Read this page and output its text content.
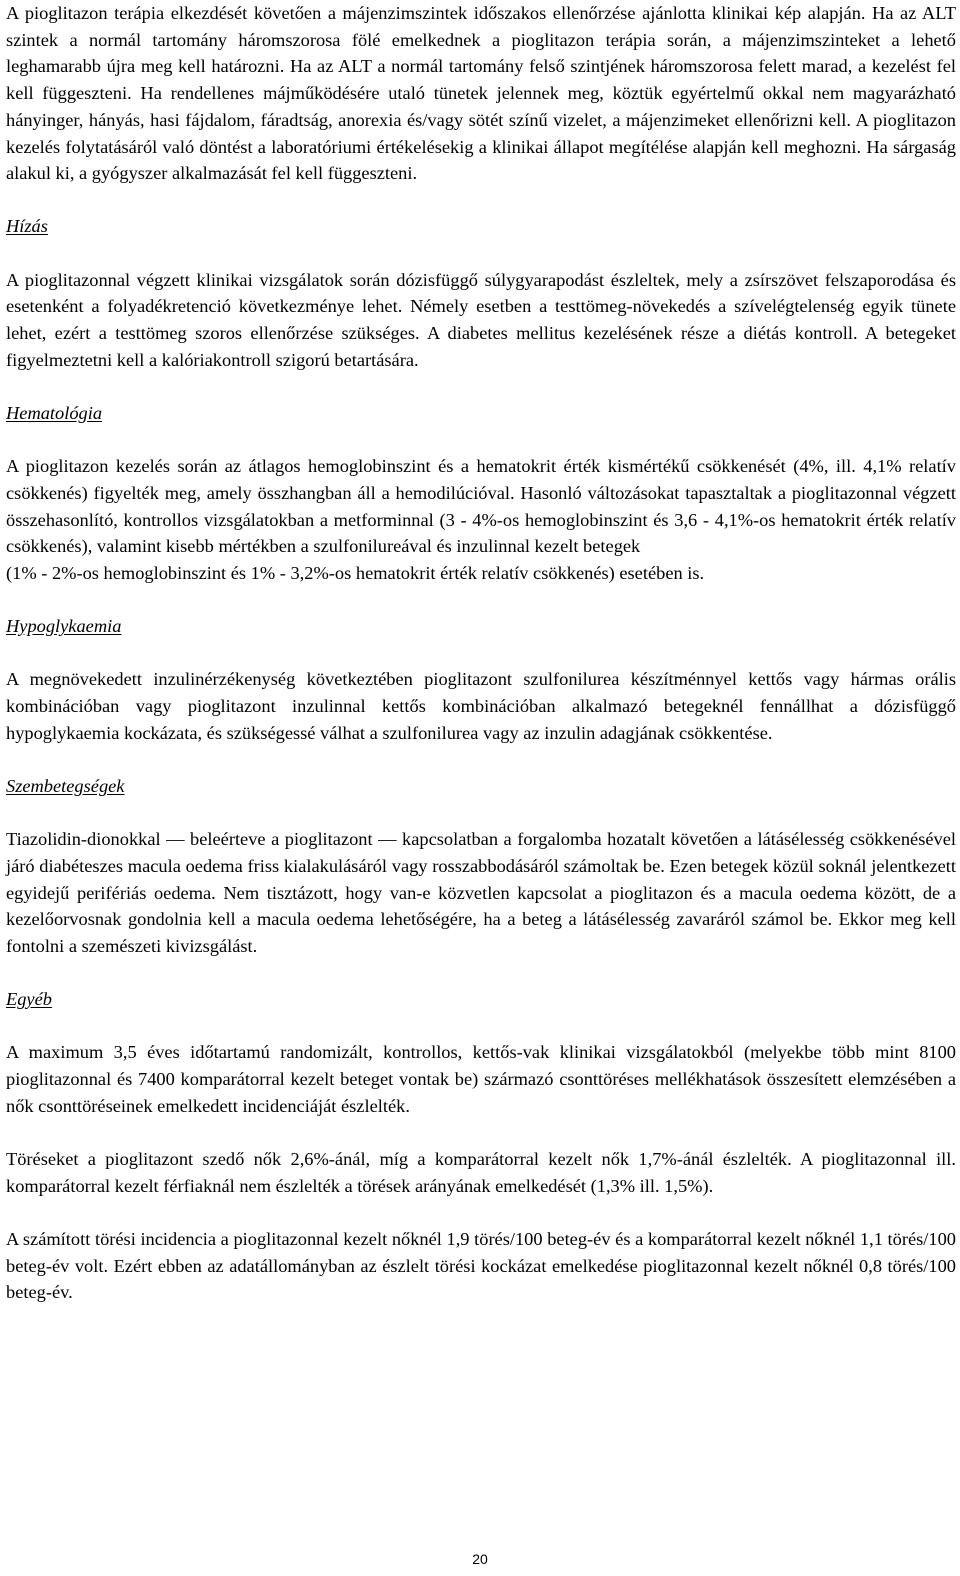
A pioglitazon terápia elkezdését követően a májenzimszintek időszakos ellenőrzése ajánlotta klinikai kép alapján. Ha az ALT szintek a normál tartomány háromszorosa fölé emelkednek a pioglitazon terápia során, a májenzimszinteket a lehető leghamarabb újra meg kell határozni. Ha az ALT a normál tartomány felső szintjének háromszorosa felett marad, a kezelést fel kell függeszteni. Ha rendellenes májműködésére utaló tünetek jelennek meg, köztük egyértelmű okkal nem magyarázható hányinger, hányás, hasi fájdalom, fáradtság, anorexia és/vagy sötét színű vizelet, a májenzimeket ellenőrizni kell. A pioglitazon kezelés folytatásáról való döntést a laboratóriumi értékelésekig a klinikai állapot megítélése alapján kell meghozni. Ha sárgaság alakul ki, a gyógyszer alkalmazását fel kell függeszteni.

Hízás

A pioglitazonnal végzett klinikai vizsgálatok során dózisfüggő súlygyarapodást észleltek, mely a zsírszövet felszaporodása és esetenként a folyadékretenció következménye lehet. Némely esetben a testtömeg-növekedés a szívelégtelenség egyik tünete lehet, ezért a testtömeg szoros ellenőrzése szükséges. A diabetes mellitus kezelésének része a diétás kontroll. A betegeket figyelmeztetni kell a kalóriakontroll szigorú betartására.

Hematológia

A pioglitazon kezelés során az átlagos hemoglobinszint és a hematokrit érték kismértékű csökkenését (4%, ill. 4,1% relatív csökkenés) figyelték meg, amely összhangban áll a hemodilúcióval. Hasonló változásokat tapasztaltak a pioglitazonnal végzett összehasonlító, kontrollos vizsgálatokban a metforminnal (3 - 4%-os hemoglobinszint és 3,6 - 4,1%-os hematokrit érték relatív csökkenés), valamint kisebb mértékben a szulfonilureával és inzulinnal kezelt betegek

(1% - 2%-os hemoglobinszint és 1% - 3,2%-os hematokrit érték relatív csökkenés) esetében is.

Hypoglykaemia

A megnövekedett inzulinérzékenység következtében pioglitazont szulfonilurea készítménnyel kettős vagy hármas orális kombinációban vagy pioglitazont inzulinnal kettős kombinációban alkalmazó betegeknél fennállhat a dózisfüggő hypoglykaemia kockázata, és szükségessé válhat a szulfonilurea vagy az inzulin adagjának csökkentése.

Szembetegségek

Tiazolidin-dionokkal ― beleérteve a pioglitazont ― kapcsolatban a forgalomba hozatalt követően a látásélesség csökkenésével járó diabéteszes macula oedema friss kialakulásáról vagy rosszabbodásáról számoltak be. Ezen betegek közül soknál jelentkezett egyidejű perifériás oedema. Nem tisztázott, hogy van-e közvetlen kapcsolat a pioglitazon és a macula oedema között, de a kezelőorvosnak gondolnia kell a macula oedema lehetőségére, ha a beteg a látásélesség zavaráról számol be. Ekkor meg kell fontolni a szemészeti kivizsgálást.

Egyéb

A maximum 3,5 éves időtartamú randomizált, kontrollos, kettős-vak klinikai vizsgálatokból (melyekbe több mint 8100 pioglitazonnal és 7400 komparátorral kezelt beteget vontak be) származó csonttöréses mellékhatások összesített elemzésében a nők csonttöréseinek emelkedett incidenciáját észlelték.

Töréseket a pioglitazont szedő nők 2,6%-ánál, míg a komparátorral kezelt nők 1,7%-ánál észlelték. A pioglitazonnal ill. komparátorral kezelt férfiaknál nem észlelték a törések arányának emelkedését (1,3% ill. 1,5%).

A számított törési incidencia a pioglitazonnal kezelt nőknél 1,9 törés/100 beteg-év és a komparátorral kezelt nőknél 1,1 törés/100 beteg-év volt. Ezért ebben az adatállományban az észlelt törési kockázat emelkedése pioglitazonnal kezelt nőknél 0,8 törés/100 beteg-év.

20
